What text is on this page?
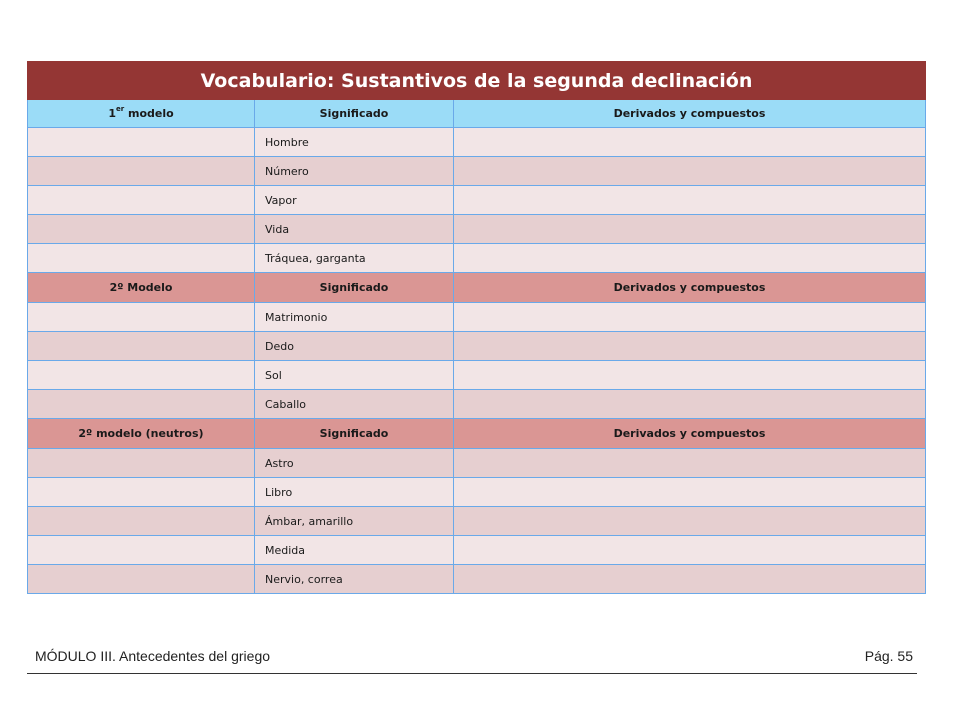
Vocabulario: Sustantivos de la segunda declinación		
1er modelo	Significado	Derivados y compuestos
	Hombre	
	Número	
	Vapor	
	Vida	
	Tráquea, garganta	
2º Modelo	Significado	Derivados y compuestos
	Matrimonio	
	Dedo	
	Sol	
	Caballo	
2º modelo (neutros)	Significado	Derivados y compuestos
	Astro	
	Libro	
	Ámbar, amarillo	
	Medida	
	Nervio, correa	
MÓDULO III. Antecedentes del griego	Pág. 55
